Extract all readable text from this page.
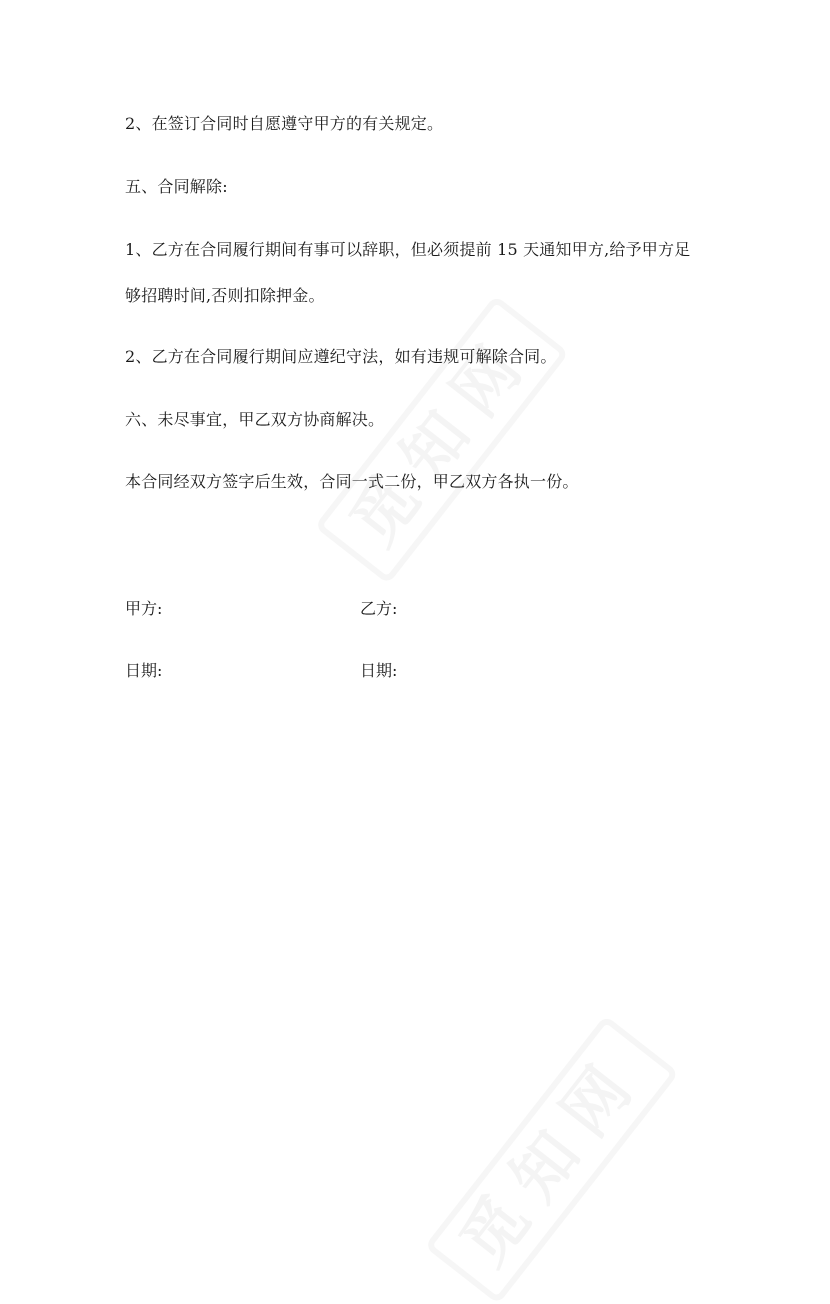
2、在签订合同时自愿遵守甲方的有关规定。
五、合同解除:
1、乙方在合同履行期间有事可以辞职，但必须提前 15 天通知甲方,给予甲方足
够招聘时间,否则扣除押金。
2、乙方在合同履行期间应遵纪守法，如有违规可解除合同。
六、未尽事宜，甲乙双方协商解决。
本合同经双方签字后生效，合同一式二份，甲乙双方各执一份。
甲方:	乙方:
日期:	日期:
